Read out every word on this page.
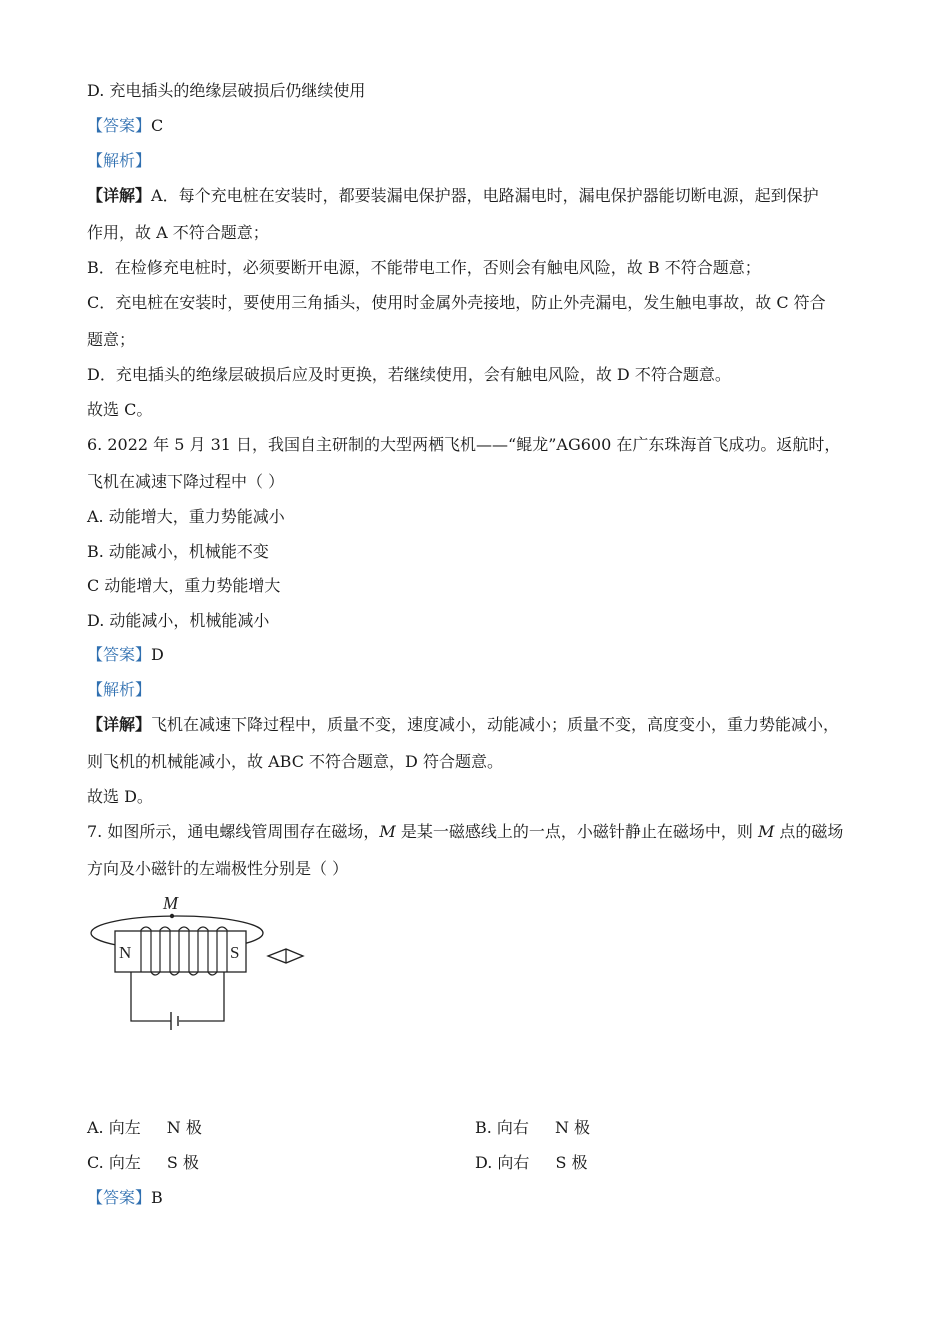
D. 充电插头的绝缘层破损后仍继续使用
【答案】C
【解析】
【详解】A．每个充电桩在安装时，都要装漏电保护器，电路漏电时，漏电保护器能切断电源，起到保护
作用，故 A 不符合题意；
B．在检修充电桩时，必须要断开电源，不能带电工作，否则会有触电风险，故 B 不符合题意；
C．充电桩在安装时，要使用三角插头，使用时金属外壳接地，防止外壳漏电，发生触电事故，故 C 符合
题意；
D．充电插头的绝缘层破损后应及时更换，若继续使用，会有触电风险，故 D 不符合题意。
故选 C。
6. 2022 年 5 月 31 日，我国自主研制的大型两栖飞机——“鲲龙”AG600 在广东珠海首飞成功。返航时，
飞机在减速下降过程中（ ）
A. 动能增大，重力势能减小
B. 动能减小，机械能不变
C 动能增大，重力势能增大
D. 动能减小，机械能减小
【答案】D
【解析】
【详解】飞机在减速下降过程中，质量不变，速度减小，动能减小；质量不变，高度变小，重力势能减小，
则飞机的机械能减小，故 ABC 不符合题意，D 符合题意。
故选 D。
7. 如图所示，通电螺线管周围存在磁场，M 是某一磁感线上的一点，小磁针静止在磁场中，则 M 点的磁场
方向及小磁针的左端极性分别是（ ）
M
N	S
A. 向左 N 极	B. 向右 N 极
C. 向左 S 极	D. 向右 S 极
【答案】B
